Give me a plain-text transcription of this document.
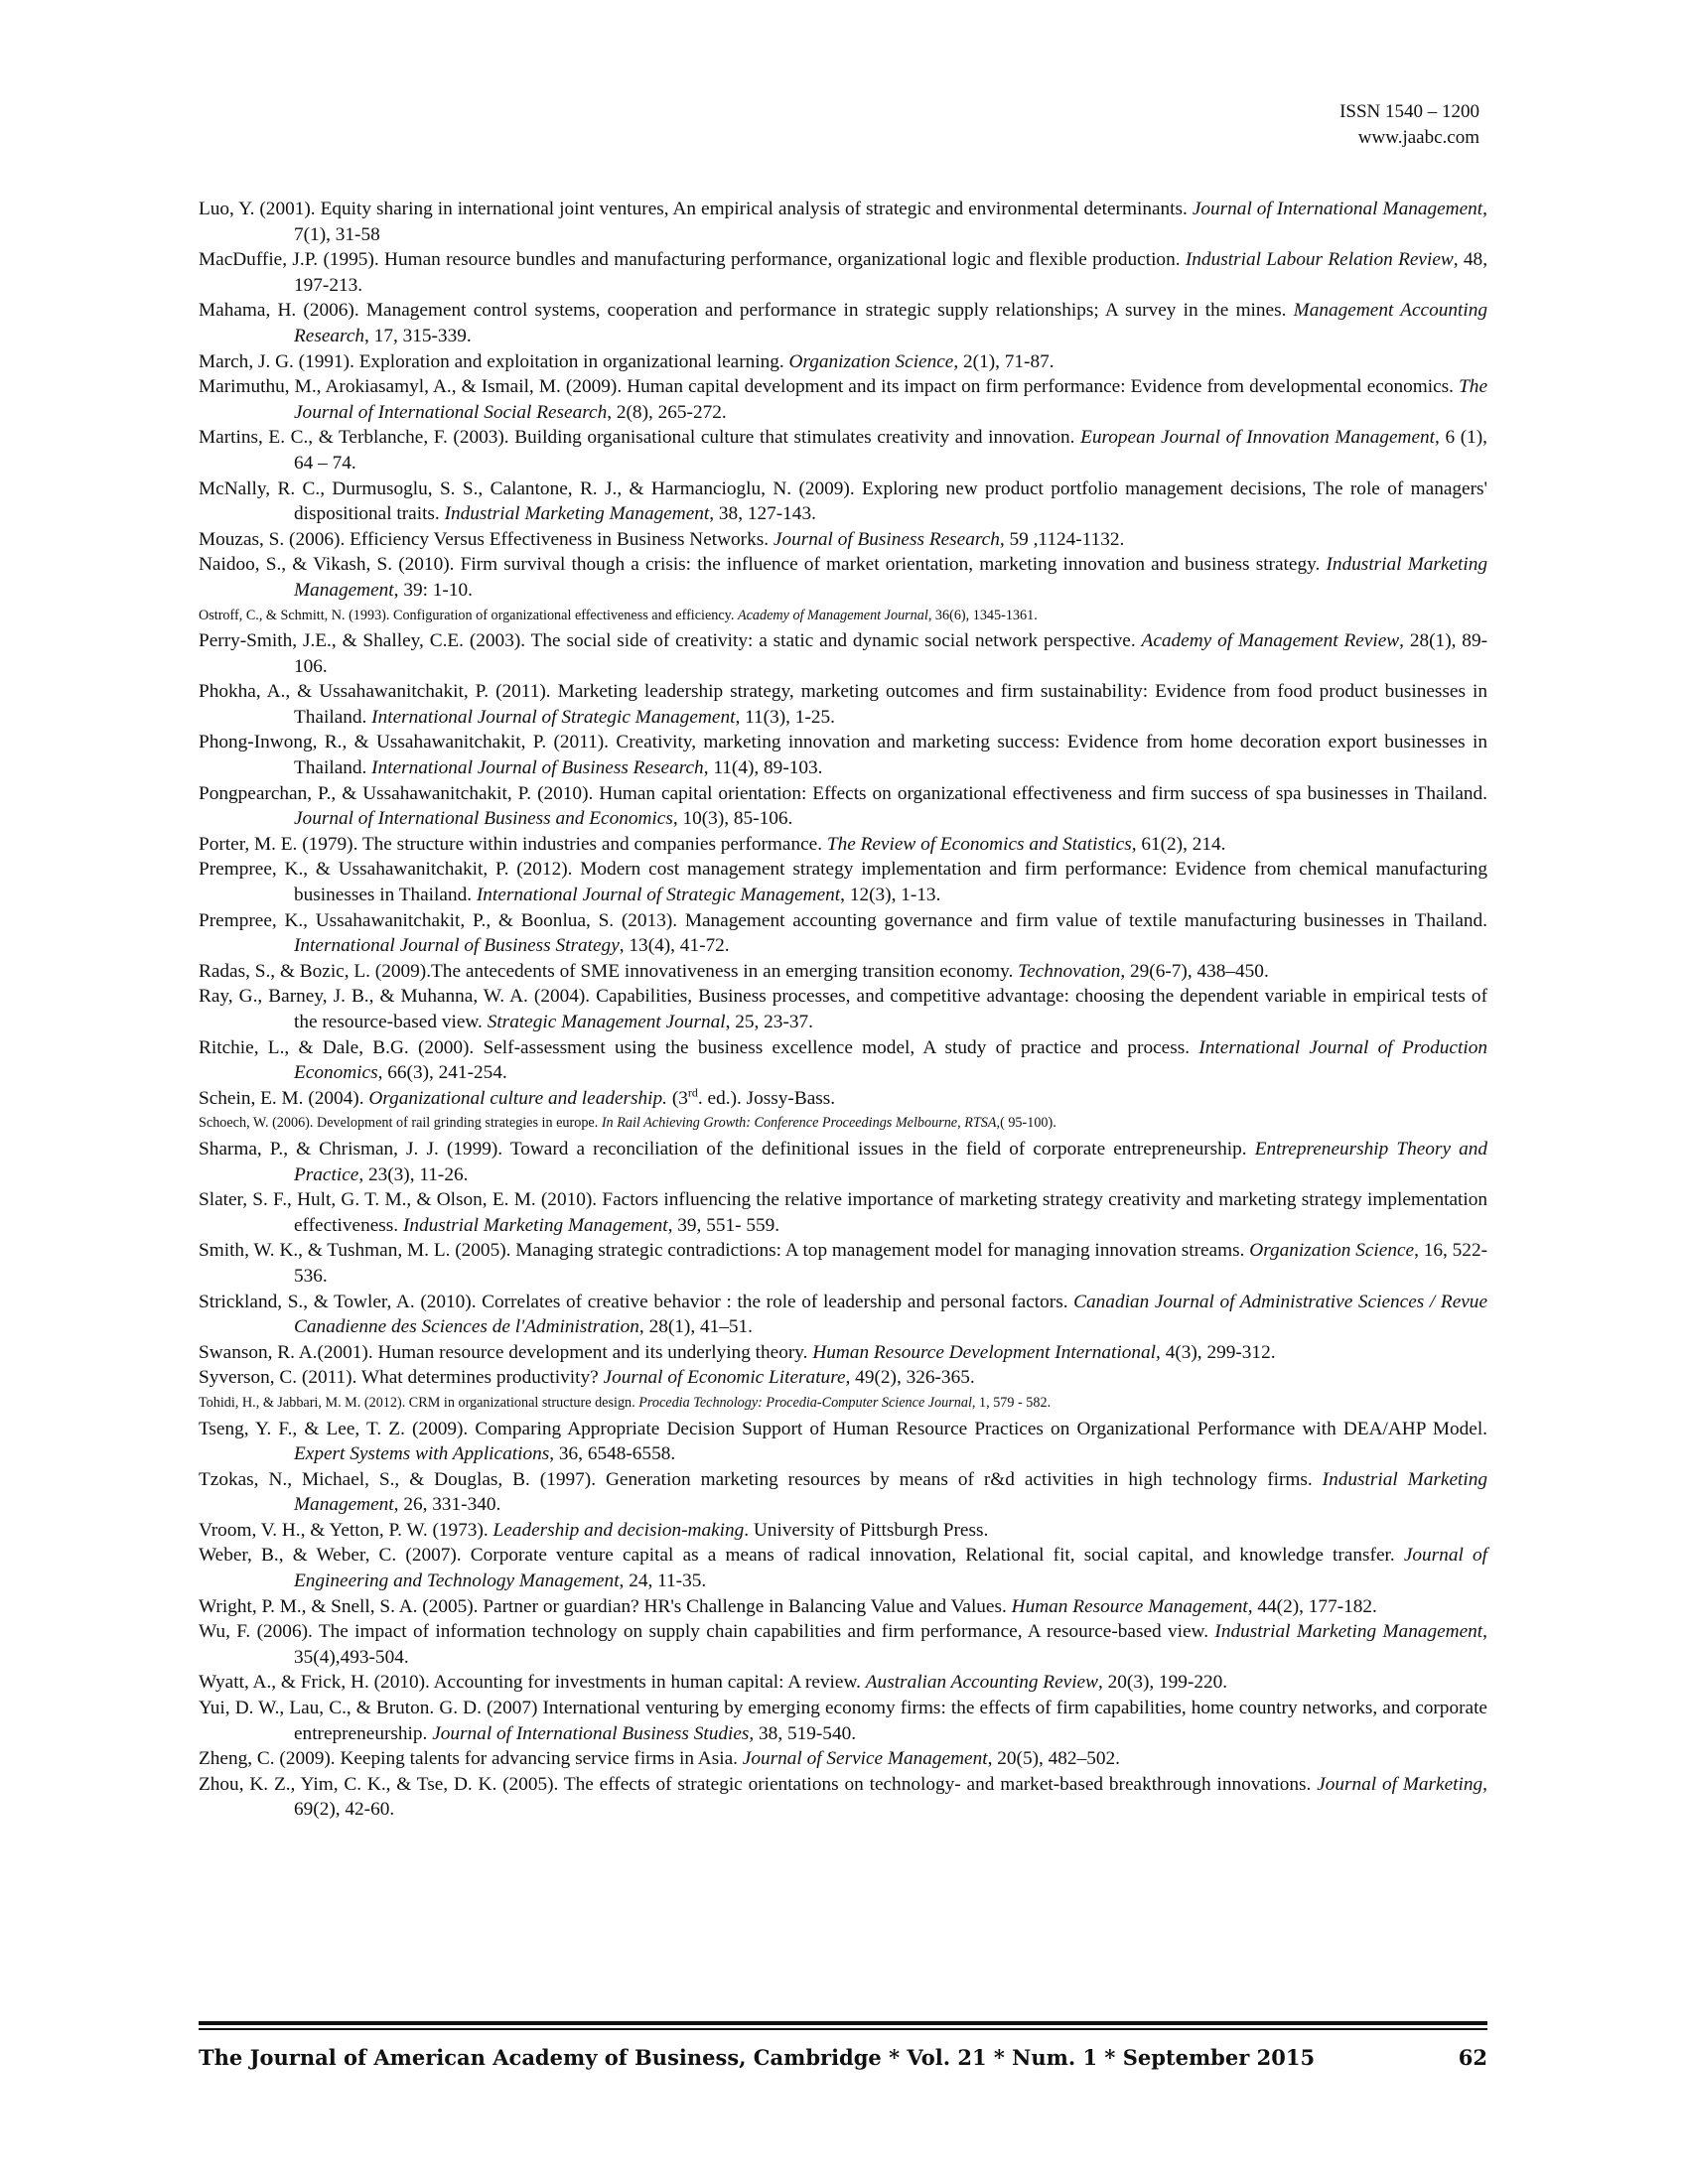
ISSN 1540 – 1200
www.jaabc.com
Luo, Y. (2001). Equity sharing in international joint ventures, An empirical analysis of strategic and environmental determinants. Journal of International Management, 7(1), 31-58
MacDuffie, J.P. (1995). Human resource bundles and manufacturing performance, organizational logic and flexible production. Industrial Labour Relation Review, 48, 197-213.
Mahama, H. (2006). Management control systems, cooperation and performance in strategic supply relationships; A survey in the mines. Management Accounting Research, 17, 315-339.
March, J. G. (1991). Exploration and exploitation in organizational learning. Organization Science, 2(1), 71-87.
Marimuthu, M., Arokiasamyl, A., & Ismail, M. (2009). Human capital development and its impact on firm performance: Evidence from developmental economics. The Journal of International Social Research, 2(8), 265-272.
Martins, E. C., & Terblanche, F. (2003). Building organisational culture that stimulates creativity and innovation. European Journal of Innovation Management, 6 (1), 64 – 74.
McNally, R. C., Durmusoglu, S. S., Calantone, R. J., & Harmancioglu, N. (2009). Exploring new product portfolio management decisions, The role of managers' dispositional traits. Industrial Marketing Management, 38, 127-143.
Mouzas, S. (2006). Efficiency Versus Effectiveness in Business Networks. Journal of Business Research, 59 ,1124-1132.
Naidoo, S., & Vikash, S. (2010). Firm survival though a crisis: the influence of market orientation, marketing innovation and business strategy. Industrial Marketing Management, 39: 1-10.
Ostroff, C., & Schmitt, N. (1993). Configuration of organizational effectiveness and efficiency. Academy of Management Journal, 36(6), 1345-1361.
Perry-Smith, J.E., & Shalley, C.E. (2003). The social side of creativity: a static and dynamic social network perspective. Academy of Management Review, 28(1), 89-106.
Phokha, A., & Ussahawanitchakit, P. (2011). Marketing leadership strategy, marketing outcomes and firm sustainability: Evidence from food product businesses in Thailand. International Journal of Strategic Management, 11(3), 1-25.
Phong-Inwong, R., & Ussahawanitchakit, P. (2011). Creativity, marketing innovation and marketing success: Evidence from home decoration export businesses in Thailand. International Journal of Business Research, 11(4), 89-103.
Pongpearchan, P., & Ussahawanitchakit, P. (2010). Human capital orientation: Effects on organizational effectiveness and firm success of spa businesses in Thailand. Journal of International Business and Economics, 10(3), 85-106.
Porter, M. E. (1979). The structure within industries and companies performance. The Review of Economics and Statistics, 61(2), 214.
Prempree, K., & Ussahawanitchakit, P. (2012). Modern cost management strategy implementation and firm performance: Evidence from chemical manufacturing businesses in Thailand. International Journal of Strategic Management, 12(3), 1-13.
Prempree, K., Ussahawanitchakit, P., & Boonlua, S. (2013). Management accounting governance and firm value of textile manufacturing businesses in Thailand. International Journal of Business Strategy, 13(4), 41-72.
Radas, S., & Bozic, L. (2009).The antecedents of SME innovativeness in an emerging transition economy. Technovation, 29(6-7), 438–450.
Ray, G., Barney, J. B., & Muhanna, W. A. (2004). Capabilities, Business processes, and competitive advantage: choosing the dependent variable in empirical tests of the resource-based view. Strategic Management Journal, 25, 23-37.
Ritchie, L., & Dale, B.G. (2000). Self-assessment using the business excellence model, A study of practice and process. International Journal of Production Economics, 66(3), 241-254.
Schein, E. M. (2004). Organizational culture and leadership. (3rd. ed.). Jossy-Bass.
Schoech, W. (2006). Development of rail grinding strategies in europe. In Rail Achieving Growth: Conference Proceedings Melbourne, RTSA,( 95-100).
Sharma, P., & Chrisman, J. J. (1999). Toward a reconciliation of the definitional issues in the field of corporate entrepreneurship. Entrepreneurship Theory and Practice, 23(3), 11-26.
Slater, S. F., Hult, G. T. M., & Olson, E. M. (2010). Factors influencing the relative importance of marketing strategy creativity and marketing strategy implementation effectiveness. Industrial Marketing Management, 39, 551- 559.
Smith, W. K., & Tushman, M. L. (2005). Managing strategic contradictions: A top management model for managing innovation streams. Organization Science, 16, 522-536.
Strickland, S., & Towler, A. (2010). Correlates of creative behavior : the role of leadership and personal factors. Canadian Journal of Administrative Sciences / Revue Canadienne des Sciences de l'Administration, 28(1), 41–51.
Swanson, R. A.(2001). Human resource development and its underlying theory. Human Resource Development International, 4(3), 299-312.
Syverson, C. (2011). What determines productivity? Journal of Economic Literature, 49(2), 326-365.
Tohidi, H., & Jabbari, M. M. (2012). CRM in organizational structure design. Procedia Technology: Procedia-Computer Science Journal, 1, 579 - 582.
Tseng, Y. F., & Lee, T. Z. (2009). Comparing Appropriate Decision Support of Human Resource Practices on Organizational Performance with DEA/AHP Model. Expert Systems with Applications, 36, 6548-6558.
Tzokas, N., Michael, S., & Douglas, B. (1997). Generation marketing resources by means of r&d activities in high technology firms. Industrial Marketing Management, 26, 331-340.
Vroom, V. H., & Yetton, P. W. (1973). Leadership and decision-making. University of Pittsburgh Press.
Weber, B., & Weber, C. (2007). Corporate venture capital as a means of radical innovation, Relational fit, social capital, and knowledge transfer. Journal of Engineering and Technology Management, 24, 11-35.
Wright, P. M., & Snell, S. A. (2005). Partner or guardian? HR's Challenge in Balancing Value and Values. Human Resource Management, 44(2), 177-182.
Wu, F. (2006). The impact of information technology on supply chain capabilities and firm performance, A resource-based view. Industrial Marketing Management, 35(4),493-504.
Wyatt, A., & Frick, H. (2010). Accounting for investments in human capital: A review. Australian Accounting Review, 20(3), 199-220.
Yui, D. W., Lau, C., & Bruton. G. D. (2007) International venturing by emerging economy firms: the effects of firm capabilities, home country networks, and corporate entrepreneurship. Journal of International Business Studies, 38, 519-540.
Zheng, C. (2009). Keeping talents for advancing service firms in Asia. Journal of Service Management, 20(5), 482–502.
Zhou, K. Z., Yim, C. K., & Tse, D. K. (2005). The effects of strategic orientations on technology- and market-based breakthrough innovations. Journal of Marketing, 69(2), 42-60.
The Journal of American Academy of Business, Cambridge * Vol. 21 * Num. 1 * September 2015	62
